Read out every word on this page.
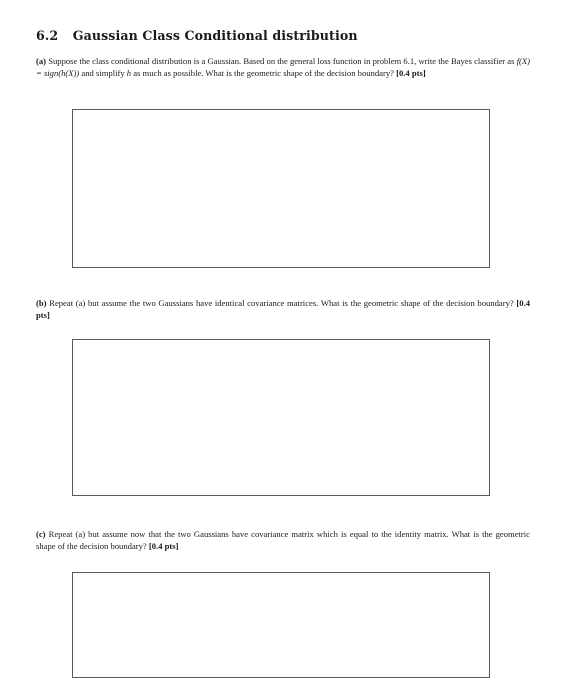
6.2 Gaussian Class Conditional distribution
(a) Suppose the class conditional distribution is a Gaussian. Based on the general loss function in problem 6.1, write the Bayes classifier as f(X) = sign(h(X)) and simplify h as much as possible. What is the geometric shape of the decision boundary? [0.4 pts]
(b) Repeat (a) but assume the two Gaussians have identical covariance matrices. What is the geometric shape of the decision boundary? [0.4 pts]
(c) Repeat (a) but assume now that the two Gaussians have covariance matrix which is equal to the identity matrix. What is the geometric shape of the decision boundary? [0.4 pts]
